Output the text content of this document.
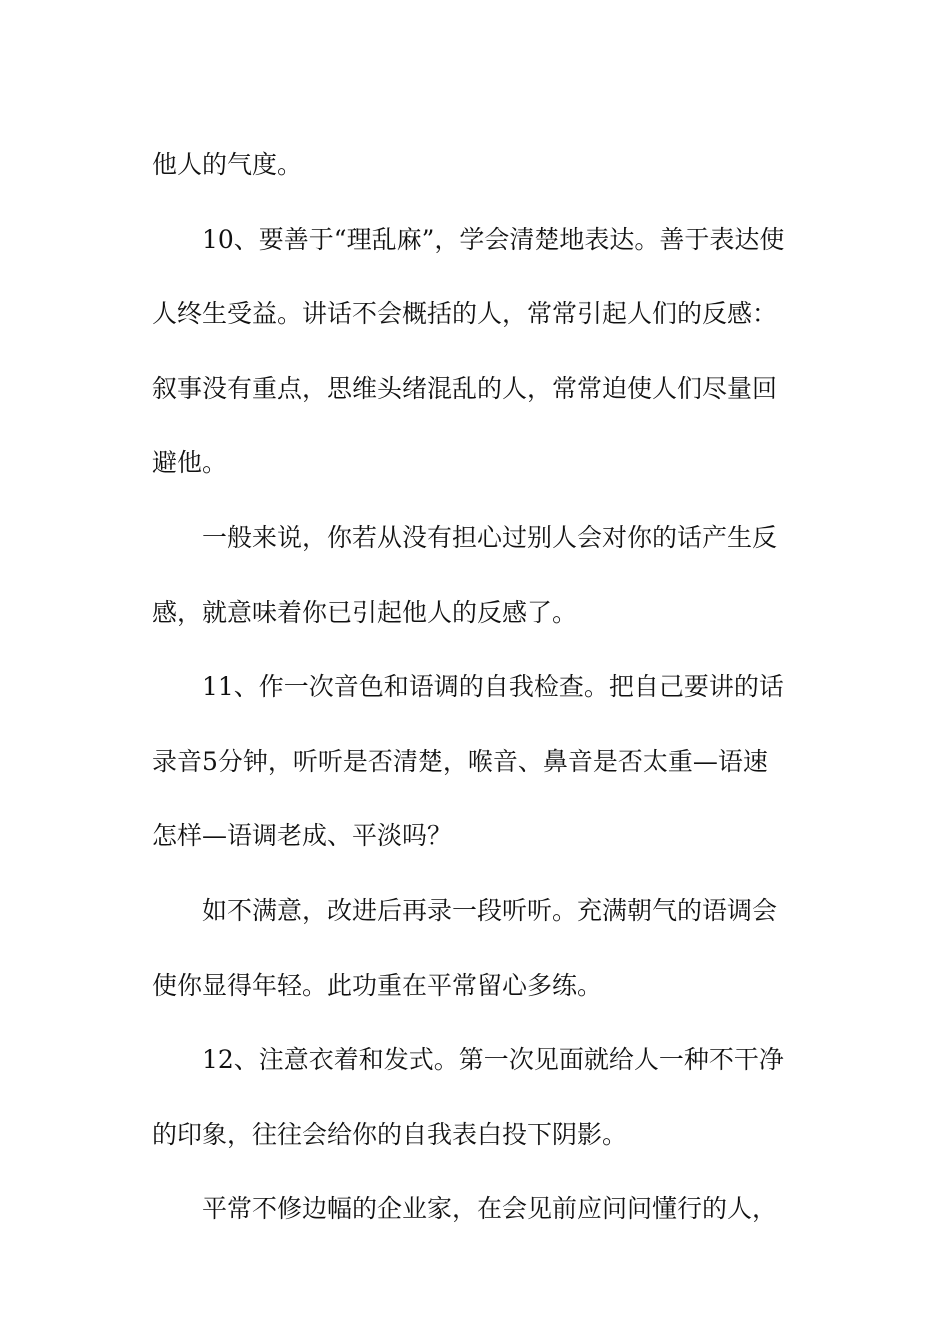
他人的气度。

10、要善于“理乱麻”，学会清楚地表达。善于表达使人终生受益。讲话不会概括的人，常常引起人们的反感：叙事没有重点，思维头绪混乱的人，常常迫使人们尽量回避他。

一般来说，你若从没有担心过别人会对你的话产生反感，就意味着你已引起他人的反感了。

11、作一次音色和语调的自我检查。把自己要讲的话录音5分钟，听听是否清楚，喉音、鼻音是否太重—语速怎样—语调老成、平淡吗？

如不满意，改进后再录一段听听。充满朝气的语调会使你显得年轻。此功重在平常留心多练。

12、注意衣着和发式。第一次见面就给人一种不干净的印象，往往会给你的自我表白投下阴影。

平常不修边幅的企业家，在会见前应问问懂行的人，
